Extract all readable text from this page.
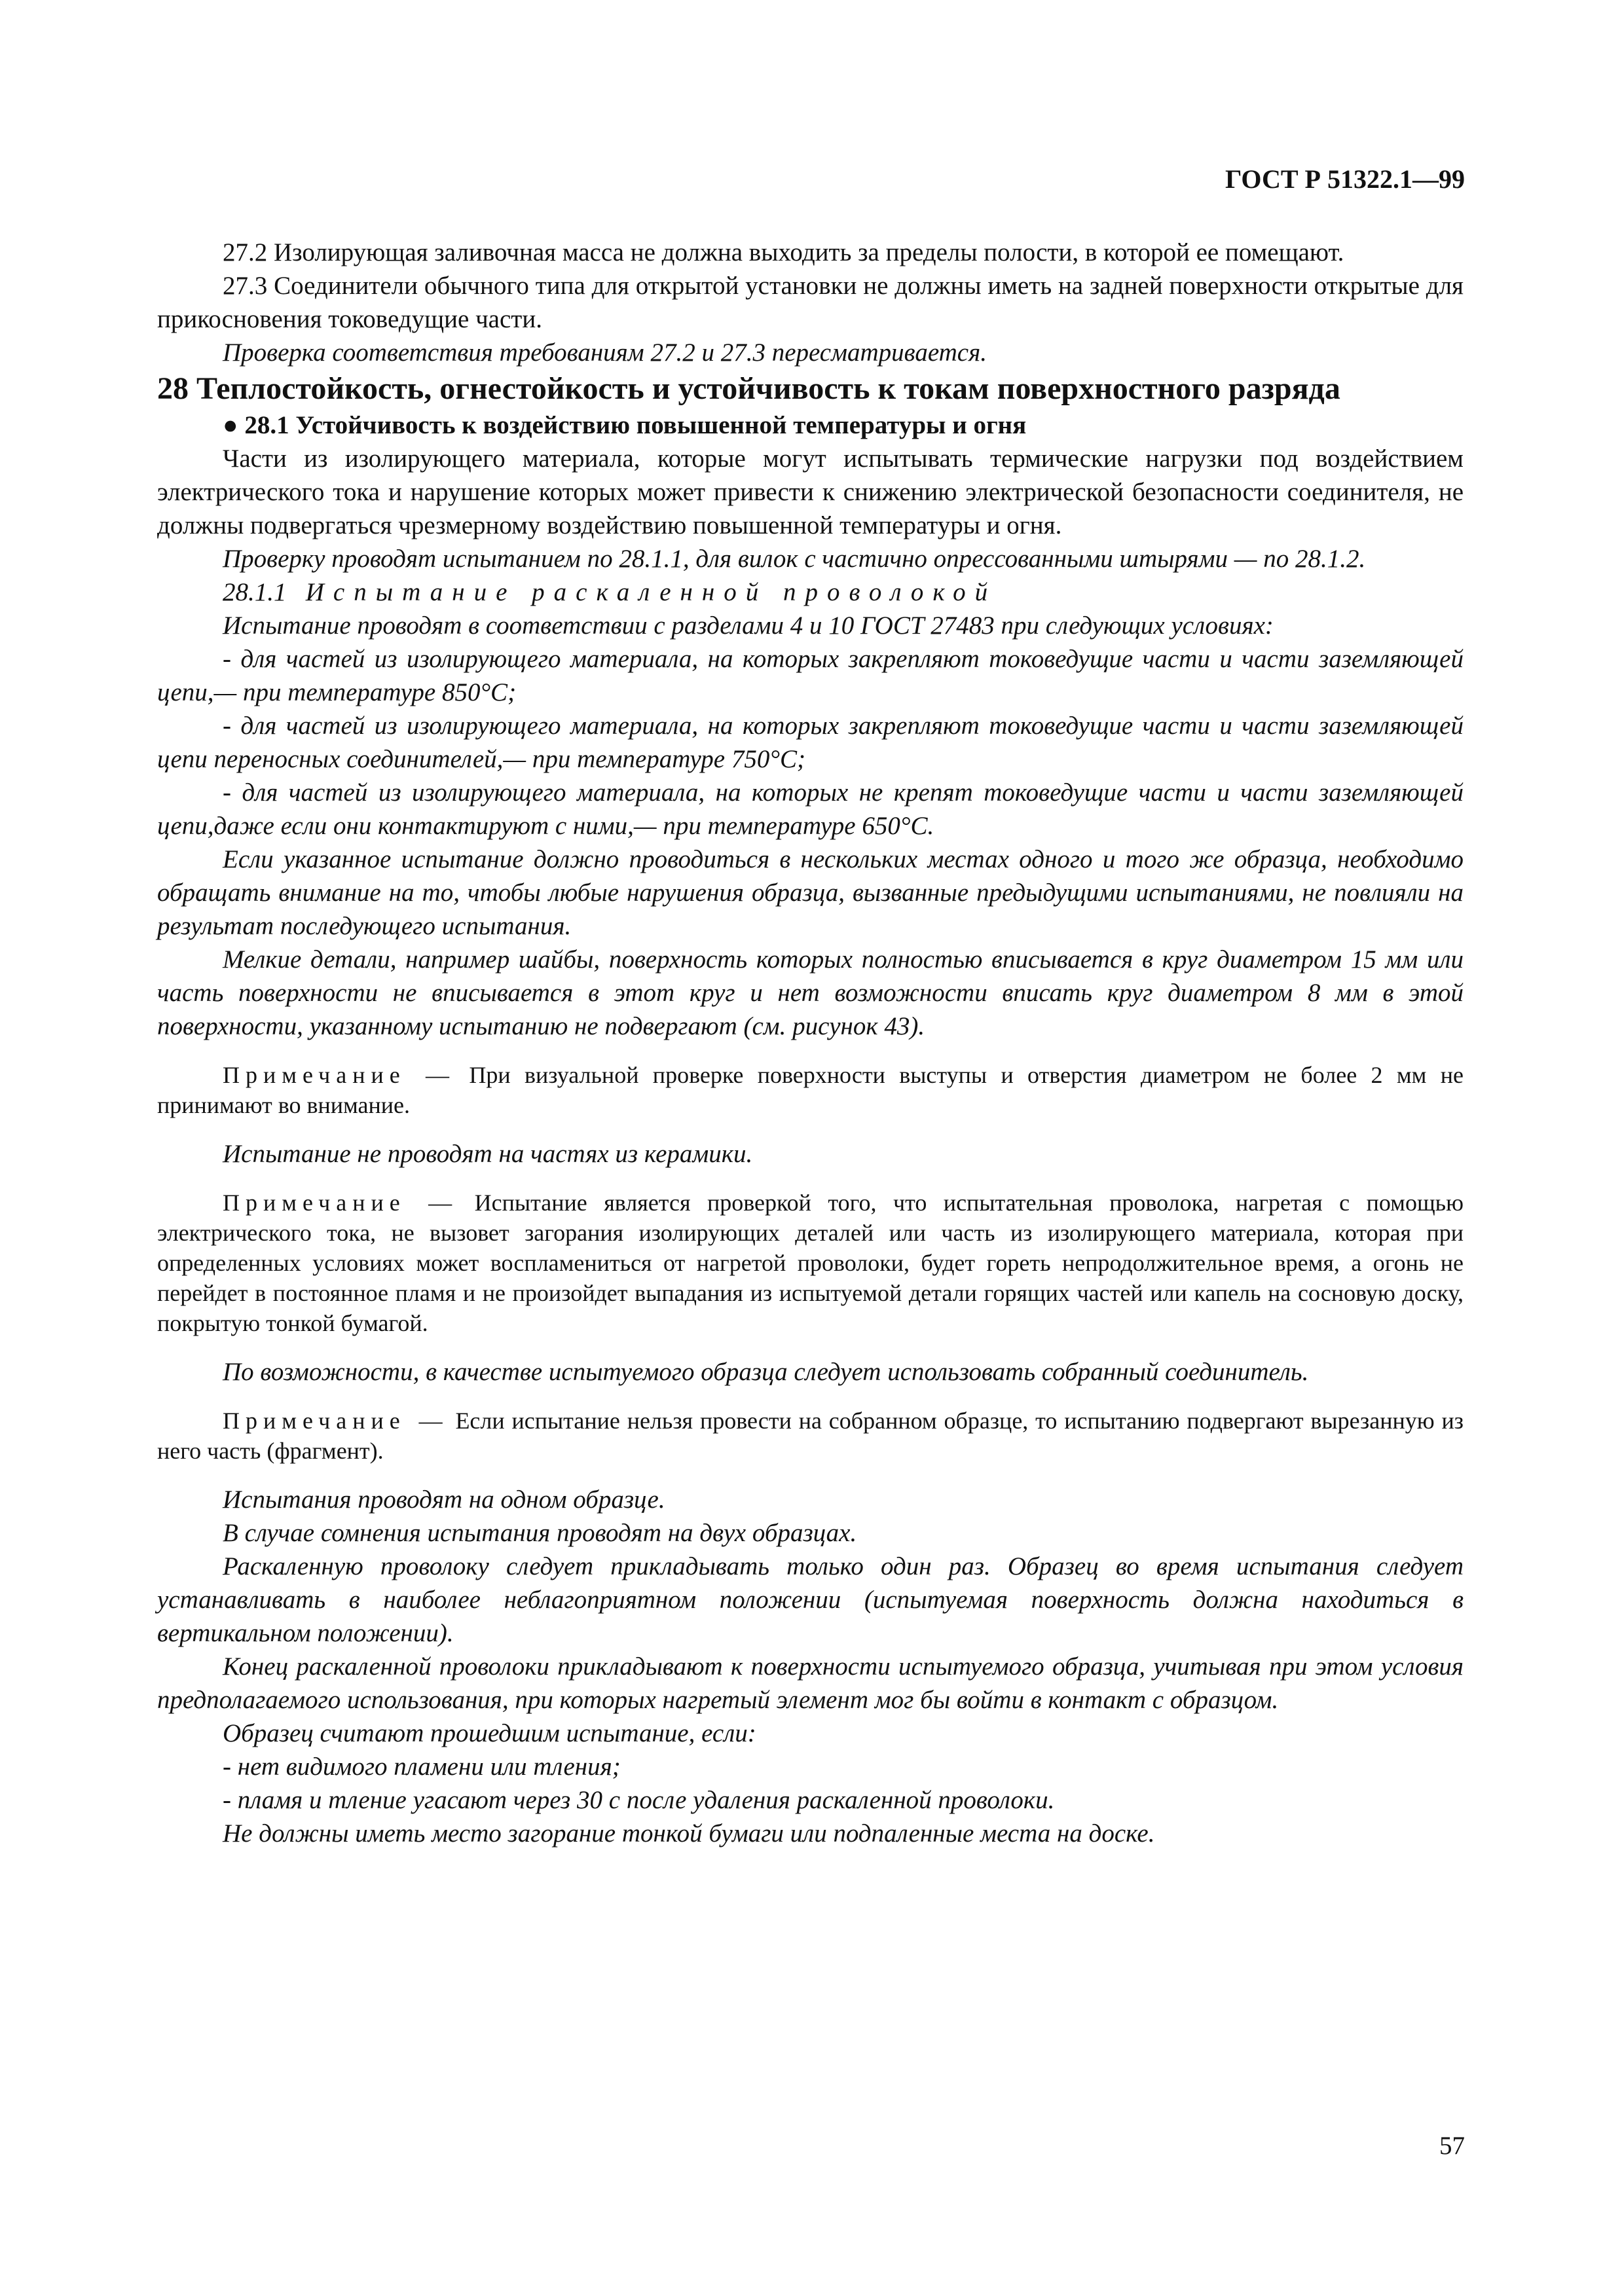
ГОСТ Р 51322.1—99

27.2 Изолирующая заливочная масса не должна выходить за пределы полости, в которой ее помещают.

27.3 Соединители обычного типа для открытой установки не должны иметь на задней поверхности открытые для прикосновения токоведущие части.

Проверка соответствия требованиям 27.2 и 27.3 пересматривается.

28 Теплостойкость, огнестойкость и устойчивость к токам поверхностного разряда

● 28.1 Устойчивость к воздействию повышенной температуры и огня

Части из изолирующего материала, которые могут испытывать термические нагрузки под воздействием электрического тока и нарушение которых может привести к снижению электрической безопасности соединителя, не должны подвергаться чрезмерному воздействию повышенной температуры и огня.

Проверку проводят испытанием по 28.1.1, для вилок с частично опрессованными штырями — по 28.1.2.

28.1.1 Испытание раскаленной проволокой

Испытание проводят в соответствии с разделами 4 и 10 ГОСТ 27483 при следующих условиях:

- для частей из изолирующего материала, на которых закрепляют токоведущие части и части заземляющей цепи,— при температуре 850°С;

- для частей из изолирующего материала, на которых закрепляют токоведущие части и части заземляющей цепи переносных соединителей,— при температуре 750°С;

- для частей из изолирующего материала, на которых не крепят токоведущие части и части заземляющей цепи,даже если они контактируют с ними,— при температуре 650°С.

Если указанное испытание должно проводиться в нескольких местах одного и того же образца, необходимо обращать внимание на то, чтобы любые нарушения образца, вызванные предыдущими испытаниями, не повлияли на результат последующего испытания.

Мелкие детали, например шайбы, поверхность которых полностью вписывается в круг диаметром 15 мм или часть поверхности не вписывается в этот круг и нет возможности вписать круг диаметром 8 мм в этой поверхности, указанному испытанию не подвергают (см. рисунок 43).

Примечание — При визуальной проверке поверхности выступы и отверстия диаметром не более 2 мм не принимают во внимание.

Испытание не проводят на частях из керамики.

Примечание — Испытание является проверкой того, что испытательная проволока, нагретая с помощью электрического тока, не вызовет загорания изолирующих деталей или часть из изолирующего материала, которая при определенных условиях может воспламениться от нагретой проволоки, будет гореть непродолжительное время, а огонь не перейдет в постоянное пламя и не произойдет выпадания из испытуемой детали горящих частей или капель на сосновую доску, покрытую тонкой бумагой.

По возможности, в качестве испытуемого образца следует использовать собранный соединитель.

Примечание — Если испытание нельзя провести на собранном образце, то испытанию подвергают вырезанную из него часть (фрагмент).

Испытания проводят на одном образце.

В случае сомнения испытания проводят на двух образцах.

Раскаленную проволоку следует прикладывать только один раз. Образец во время испытания следует устанавливать в наиболее неблагоприятном положении (испытуемая поверхность должна находиться в вертикальном положении).

Конец раскаленной проволоки прикладывают к поверхности испытуемого образца, учитывая при этом условия предполагаемого использования, при которых нагретый элемент мог бы войти в контакт с образцом.

Образец считают прошедшим испытание, если:

- нет видимого пламени или тления;

- пламя и тление угасают через 30 с после удаления раскаленной проволоки.

Не должны иметь место загорание тонкой бумаги или подпаленные места на доске.

57
